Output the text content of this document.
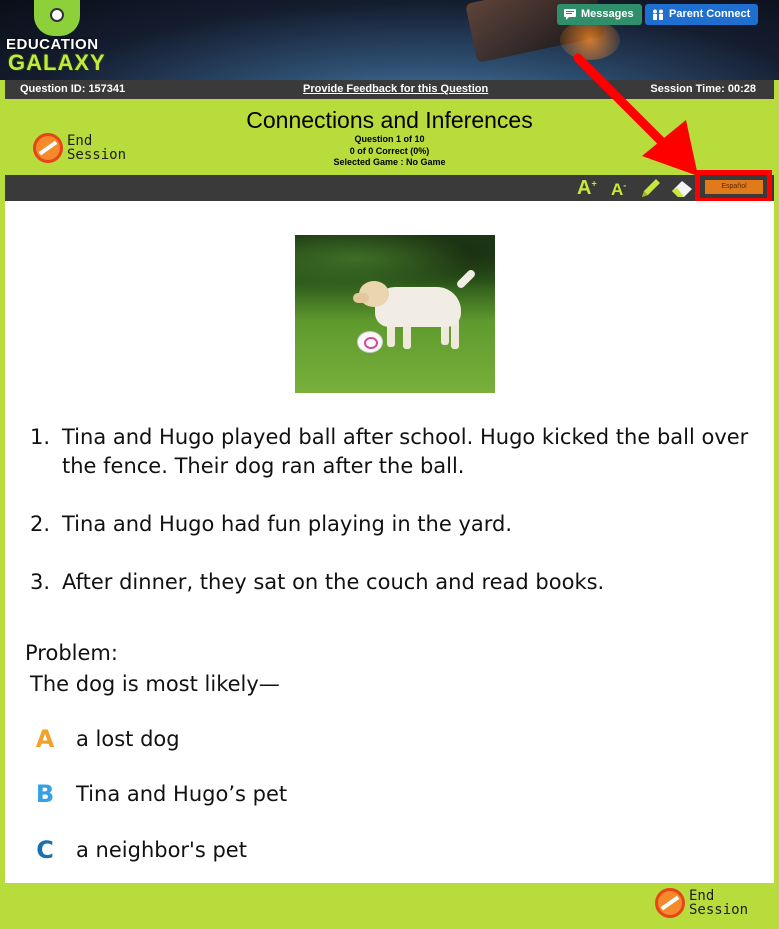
EDUCATION
GALAXY
Messages	Parent Connect
Question ID: 157341	Provide Feedback for this Question	Session Time: 00:28
End
Session
Connections and Inferences
Question 1 of 10
0 of 0 Correct (0%)
Selected Game : No Game
A+ A-	Español
1. Tina and Hugo played ball after school. Hugo kicked the ball over the fence. Their dog ran after the ball.
2. Tina and Hugo had fun playing in the yard.
3. After dinner, they sat on the couch and read books.
Problem:
The dog is most likely—
A a lost dog
B Tina and Hugo’s pet
C a neighbor's pet
End
Session
